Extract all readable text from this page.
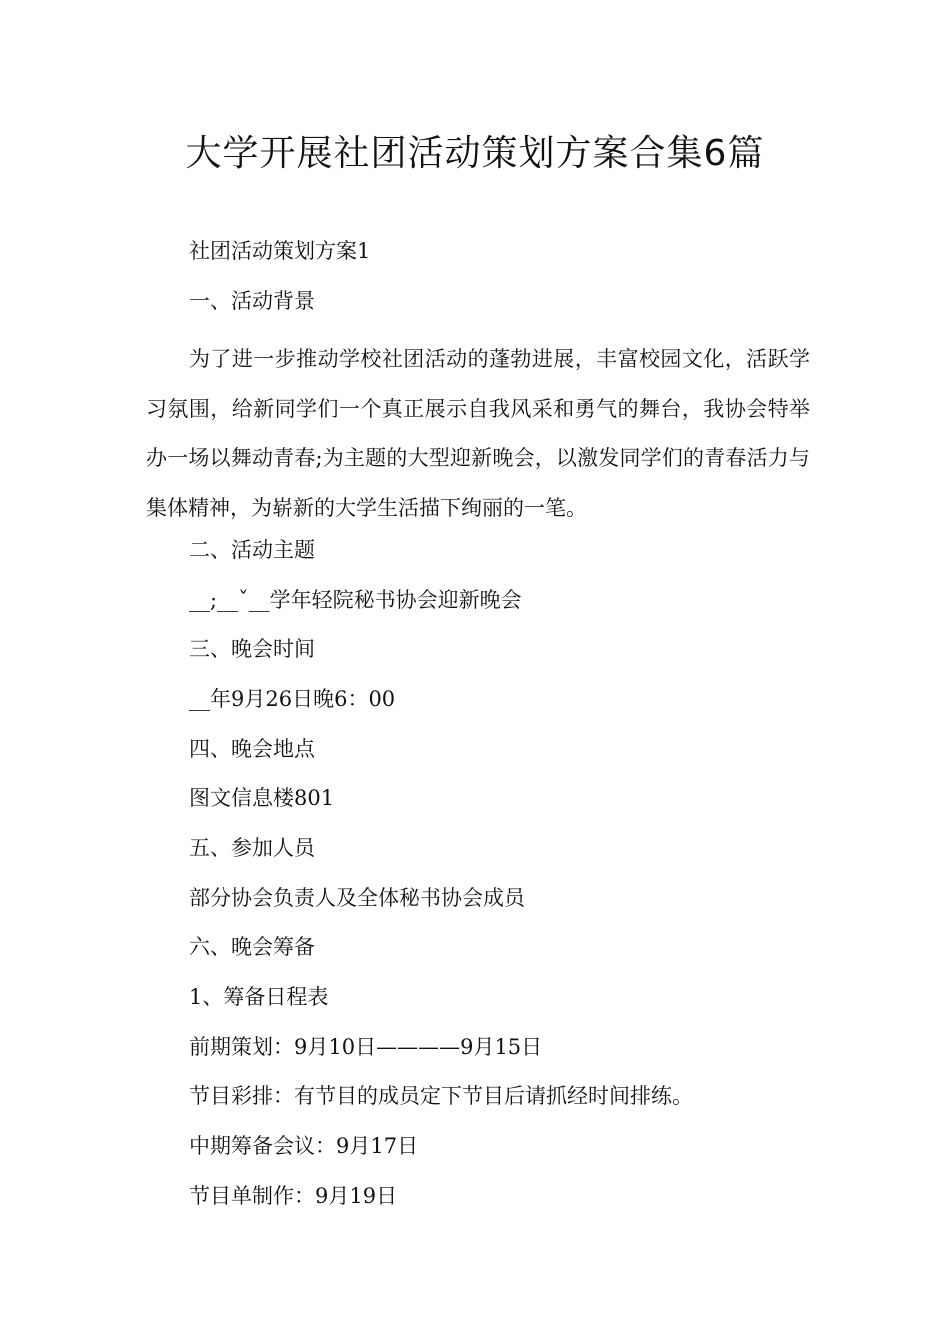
大学开展社团活动策划方案合集6篇

社团活动策划方案1

一、活动背景

为了进一步推动学校社团活动的蓬勃进展，丰富校园文化，活跃学习氛围，给新同学们一个真正展示自我风采和勇气的舞台，我协会特举办一场以舞动青春;为主题的大型迎新晚会，以激发同学们的青春活力与集体精神，为崭新的大学生活描下绚丽的一笔。

二、活动主题

__;__ˇ__学年轻院秘书协会迎新晚会

三、晚会时间

__年9月26日晚6：00

四、晚会地点

图文信息楼801

五、参加人员

部分协会负责人及全体秘书协会成员

六、晚会筹备

1、筹备日程表

前期策划：9月10日————9月15日

节目彩排：有节目的成员定下节目后请抓经时间排练。

中期筹备会议：9月17日

节目单制作：9月19日
